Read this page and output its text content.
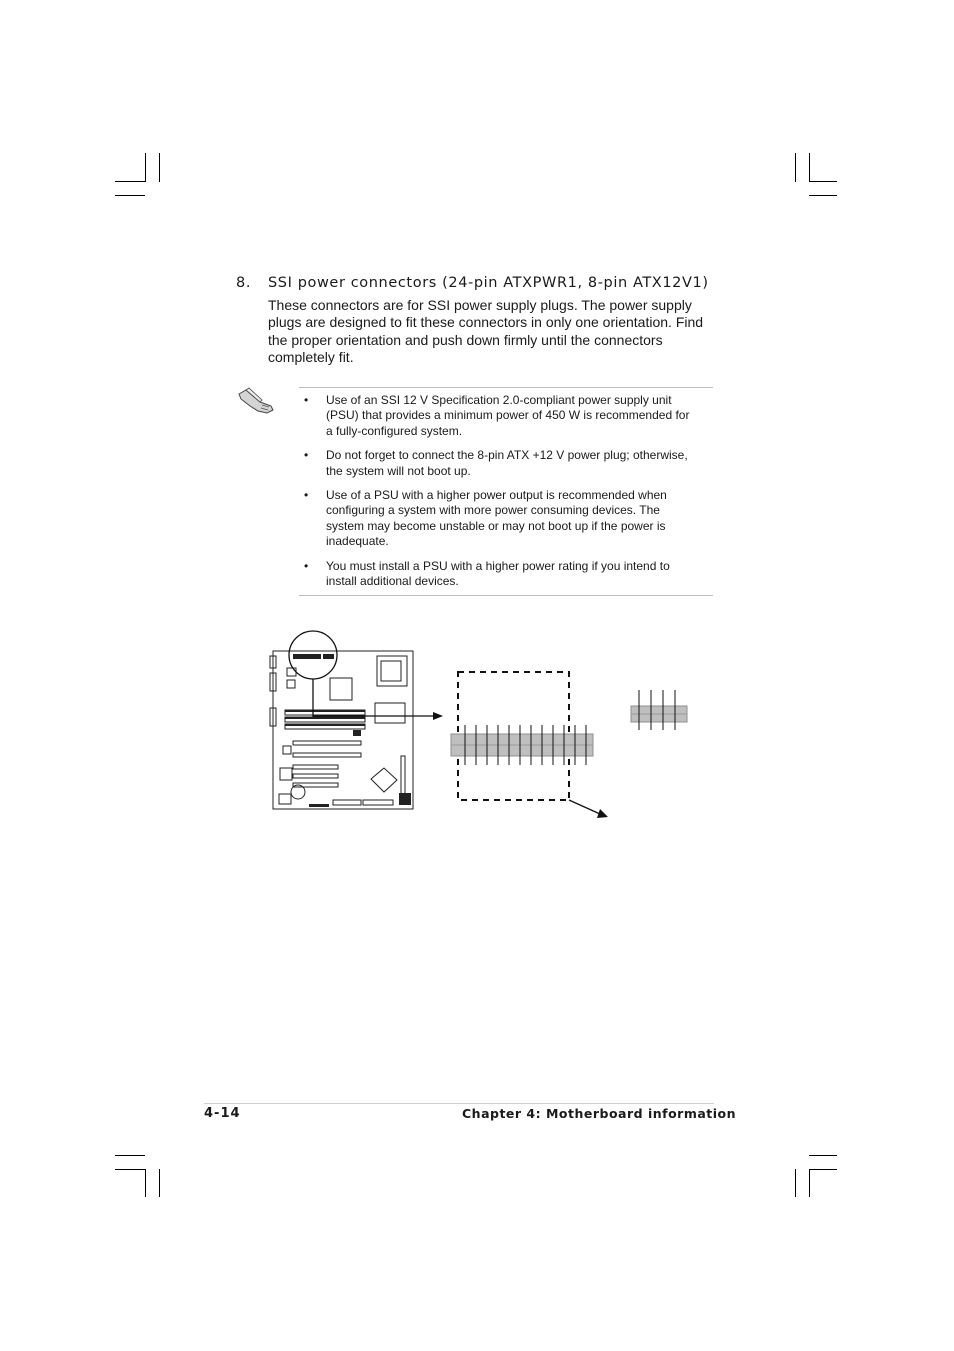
8. SSI power connectors (24-pin ATXPWR1, 8-pin ATX12V1)
These connectors are for SSI power supply plugs. The power supply plugs are designed to fit these connectors in only one orientation. Find the proper orientation and push down firmly until the connectors completely fit.
• Use of an SSI 12 V Specification 2.0-compliant power supply unit (PSU) that provides a minimum power of 450 W is recommended for a fully-configured system.
• Do not forget to connect the 8-pin ATX +12 V power plug; otherwise, the system will not boot up.
• Use of a PSU with a higher power output is recommended when configuring a system with more power consuming devices. The system may become unstable or may not boot up if the power is inadequate.
• You must install a PSU with a higher power rating if you intend to install additional devices.
4-14	Chapter 4: Motherboard information
